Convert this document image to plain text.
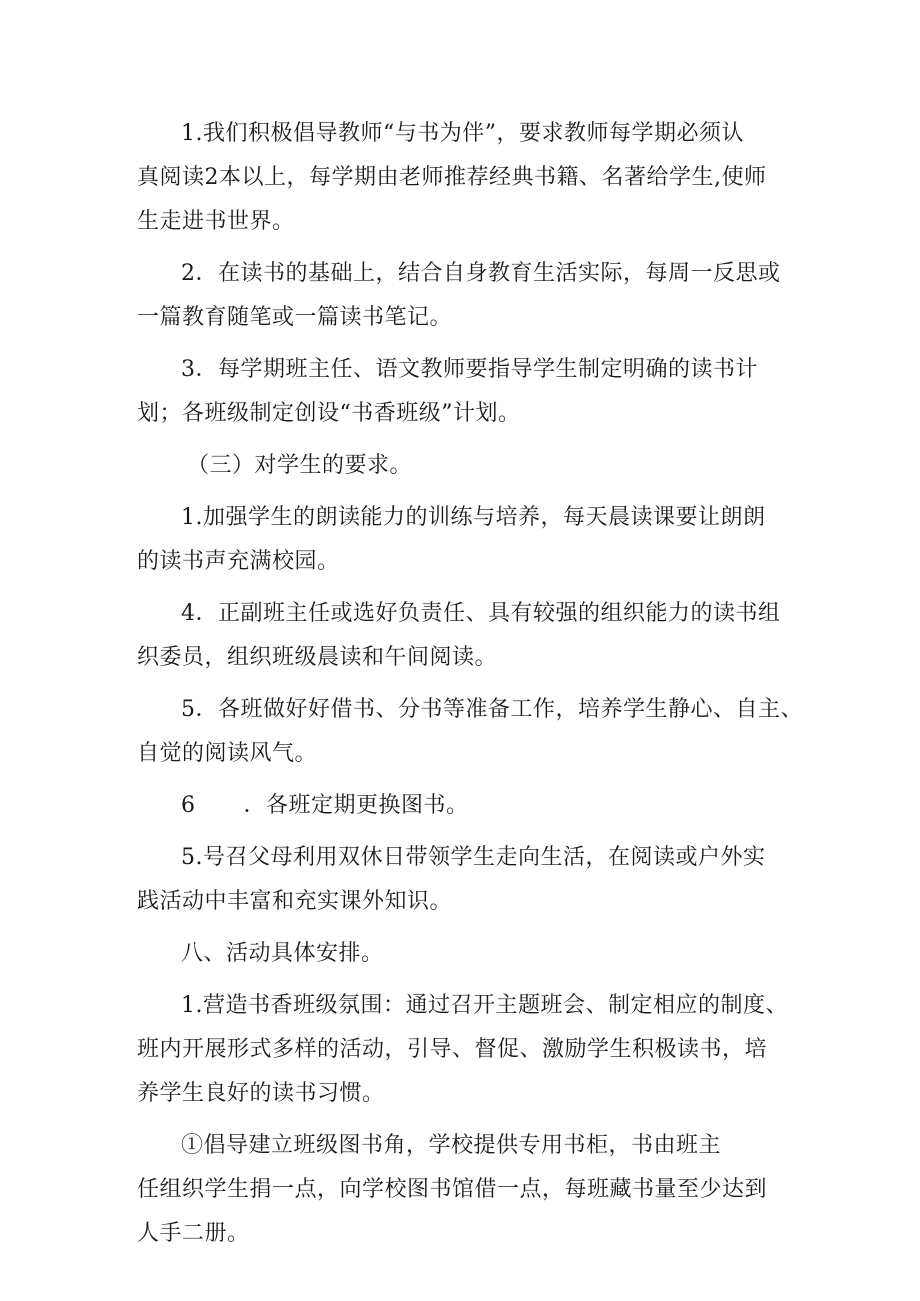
1.我们积极倡导教师“与书为伴”，要求教师每学期必须认
真阅读2本以上，每学期由老师推荐经典书籍、名著给学生,使师
生走进书世界。
2．在读书的基础上，结合自身教育生活实际，每周一反思或
一篇教育随笔或一篇读书笔记。
3．每学期班主任、语文教师要指导学生制定明确的读书计
划；各班级制定创设“书香班级”计划。
（三）对学生的要求。
1.加强学生的朗读能力的训练与培养，每天晨读课要让朗朗
的读书声充满校园。
4．正副班主任或选好负责任、具有较强的组织能力的读书组
织委员，组织班级晨读和午间阅读。
5．各班做好好借书、分书等准备工作，培养学生静心、自主、
自觉的阅读风气。
6 ．各班定期更换图书。
5.号召父母利用双休日带领学生走向生活，在阅读或户外实
践活动中丰富和充实课外知识。
八、活动具体安排。
1.营造书香班级氛围：通过召开主题班会、制定相应的制度、
班内开展形式多样的活动，引导、督促、激励学生积极读书，培
养学生良好的读书习惯。
①倡导建立班级图书角，学校提供专用书柜，书由班主
任组织学生捐一点，向学校图书馆借一点，每班藏书量至少达到
人手二册。
